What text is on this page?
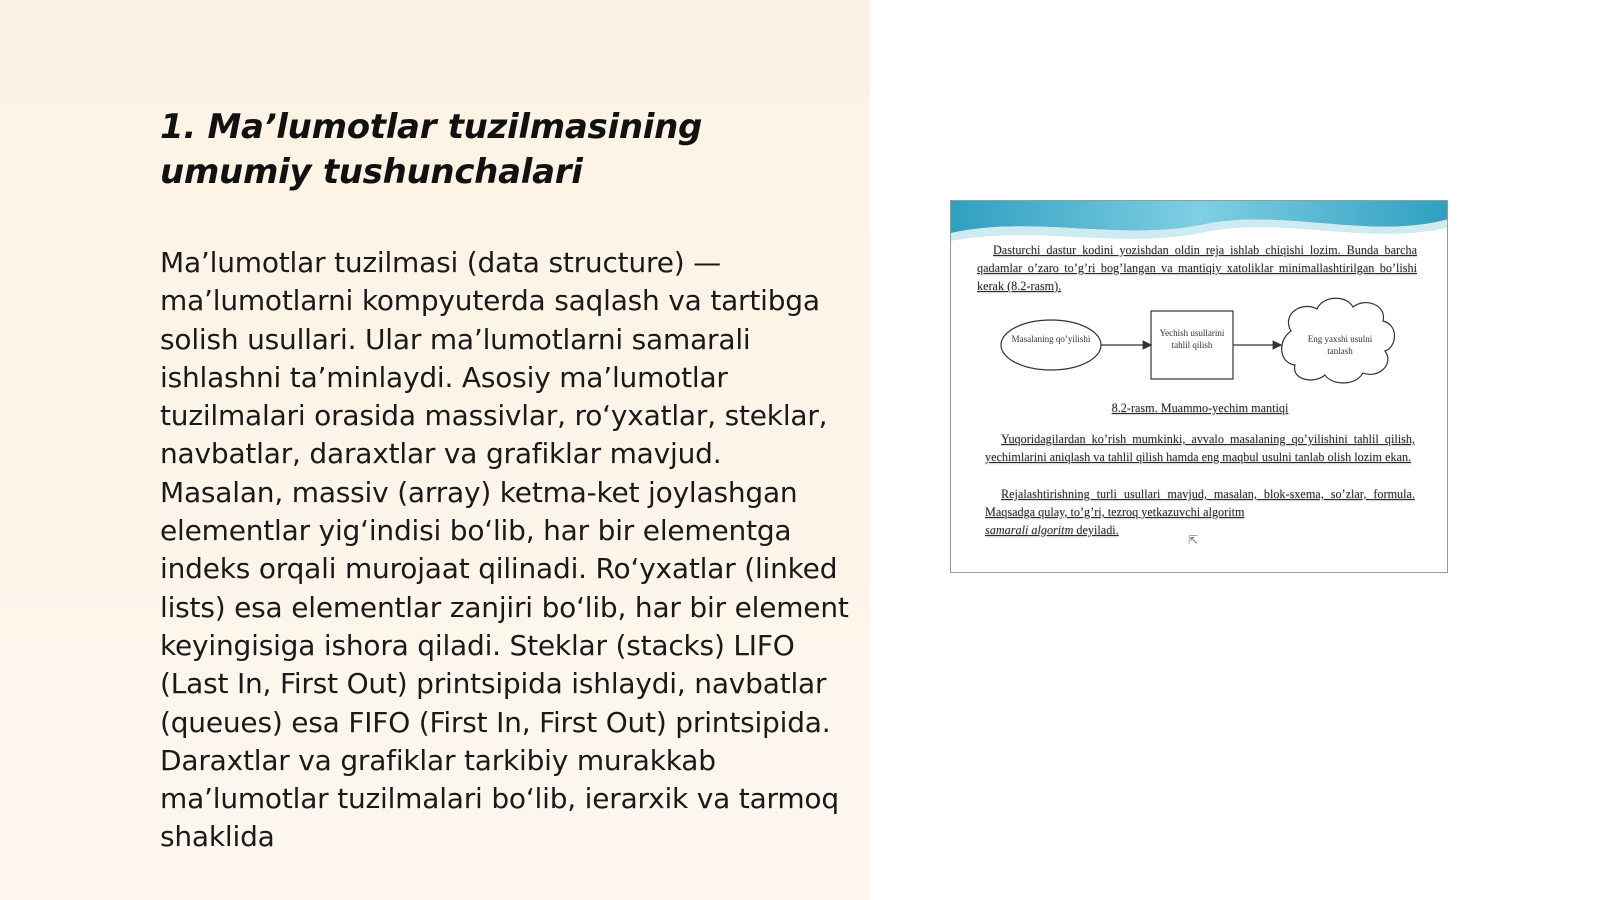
1. Ma’lumotlar tuzilmasining umumiy tushunchalari

Ma’lumotlar tuzilmasi (data structure) — ma’lumotlarni kompyuterda saqlash va tartibga solish usullari. Ular ma’lumotlarni samarali ishlashni ta’minlaydi. Asosiy ma’lumotlar tuzilmalari orasida massivlar, ro‘yxatlar, steklar, navbatlar, daraxtlar va grafiklar mavjud. Masalan, massiv (array) ketma-ket joylashgan elementlar yig‘indisi bo‘lib, har bir elementga indeks orqali murojaat qilinadi. Ro‘yxatlar (linked lists) esa elementlar zanjiri bo‘lib, har bir element keyingisiga ishora qiladi. Steklar (stacks) LIFO (Last In, First Out) printsipida ishlaydi, navbatlar (queues) esa FIFO (First In, First Out) printsipida. Daraxtlar va grafiklar tarkibiy murakkab ma’lumotlar tuzilmalari bo‘lib, ierarxik va tarmoq shaklida

Dasturchi dastur kodini yozishdan oldin reja ishlab chiqishi lozim. Bunda barcha qadamlar o’zaro to’g’ri bog’langan va mantiqiy xatoliklar minimallashtirilgan bo’lishi kerak (8.2-rasm).
Masalaning qo’yilishi
Yechish usullarini tahlil qilish
Eng yaxshi usulni tanlash
8.2-rasm. Muammo-yechim mantiqi
Yuqoridagilardan ko’rish mumkinki, avvalo masalaning qo’yilishini tahlil qilish, yechimlarini aniqlash va tahlil qilish hamda eng maqbul usulni tanlab olish lozim ekan.
Rejalashtirishning turli usullari mavjud, masalan, blok-sxema, so’zlar, formula. Maqsadga qulay, to’g’ri, tezroq yetkazuvchi algoritm
samarali algoritm deyiladi.
⇱
